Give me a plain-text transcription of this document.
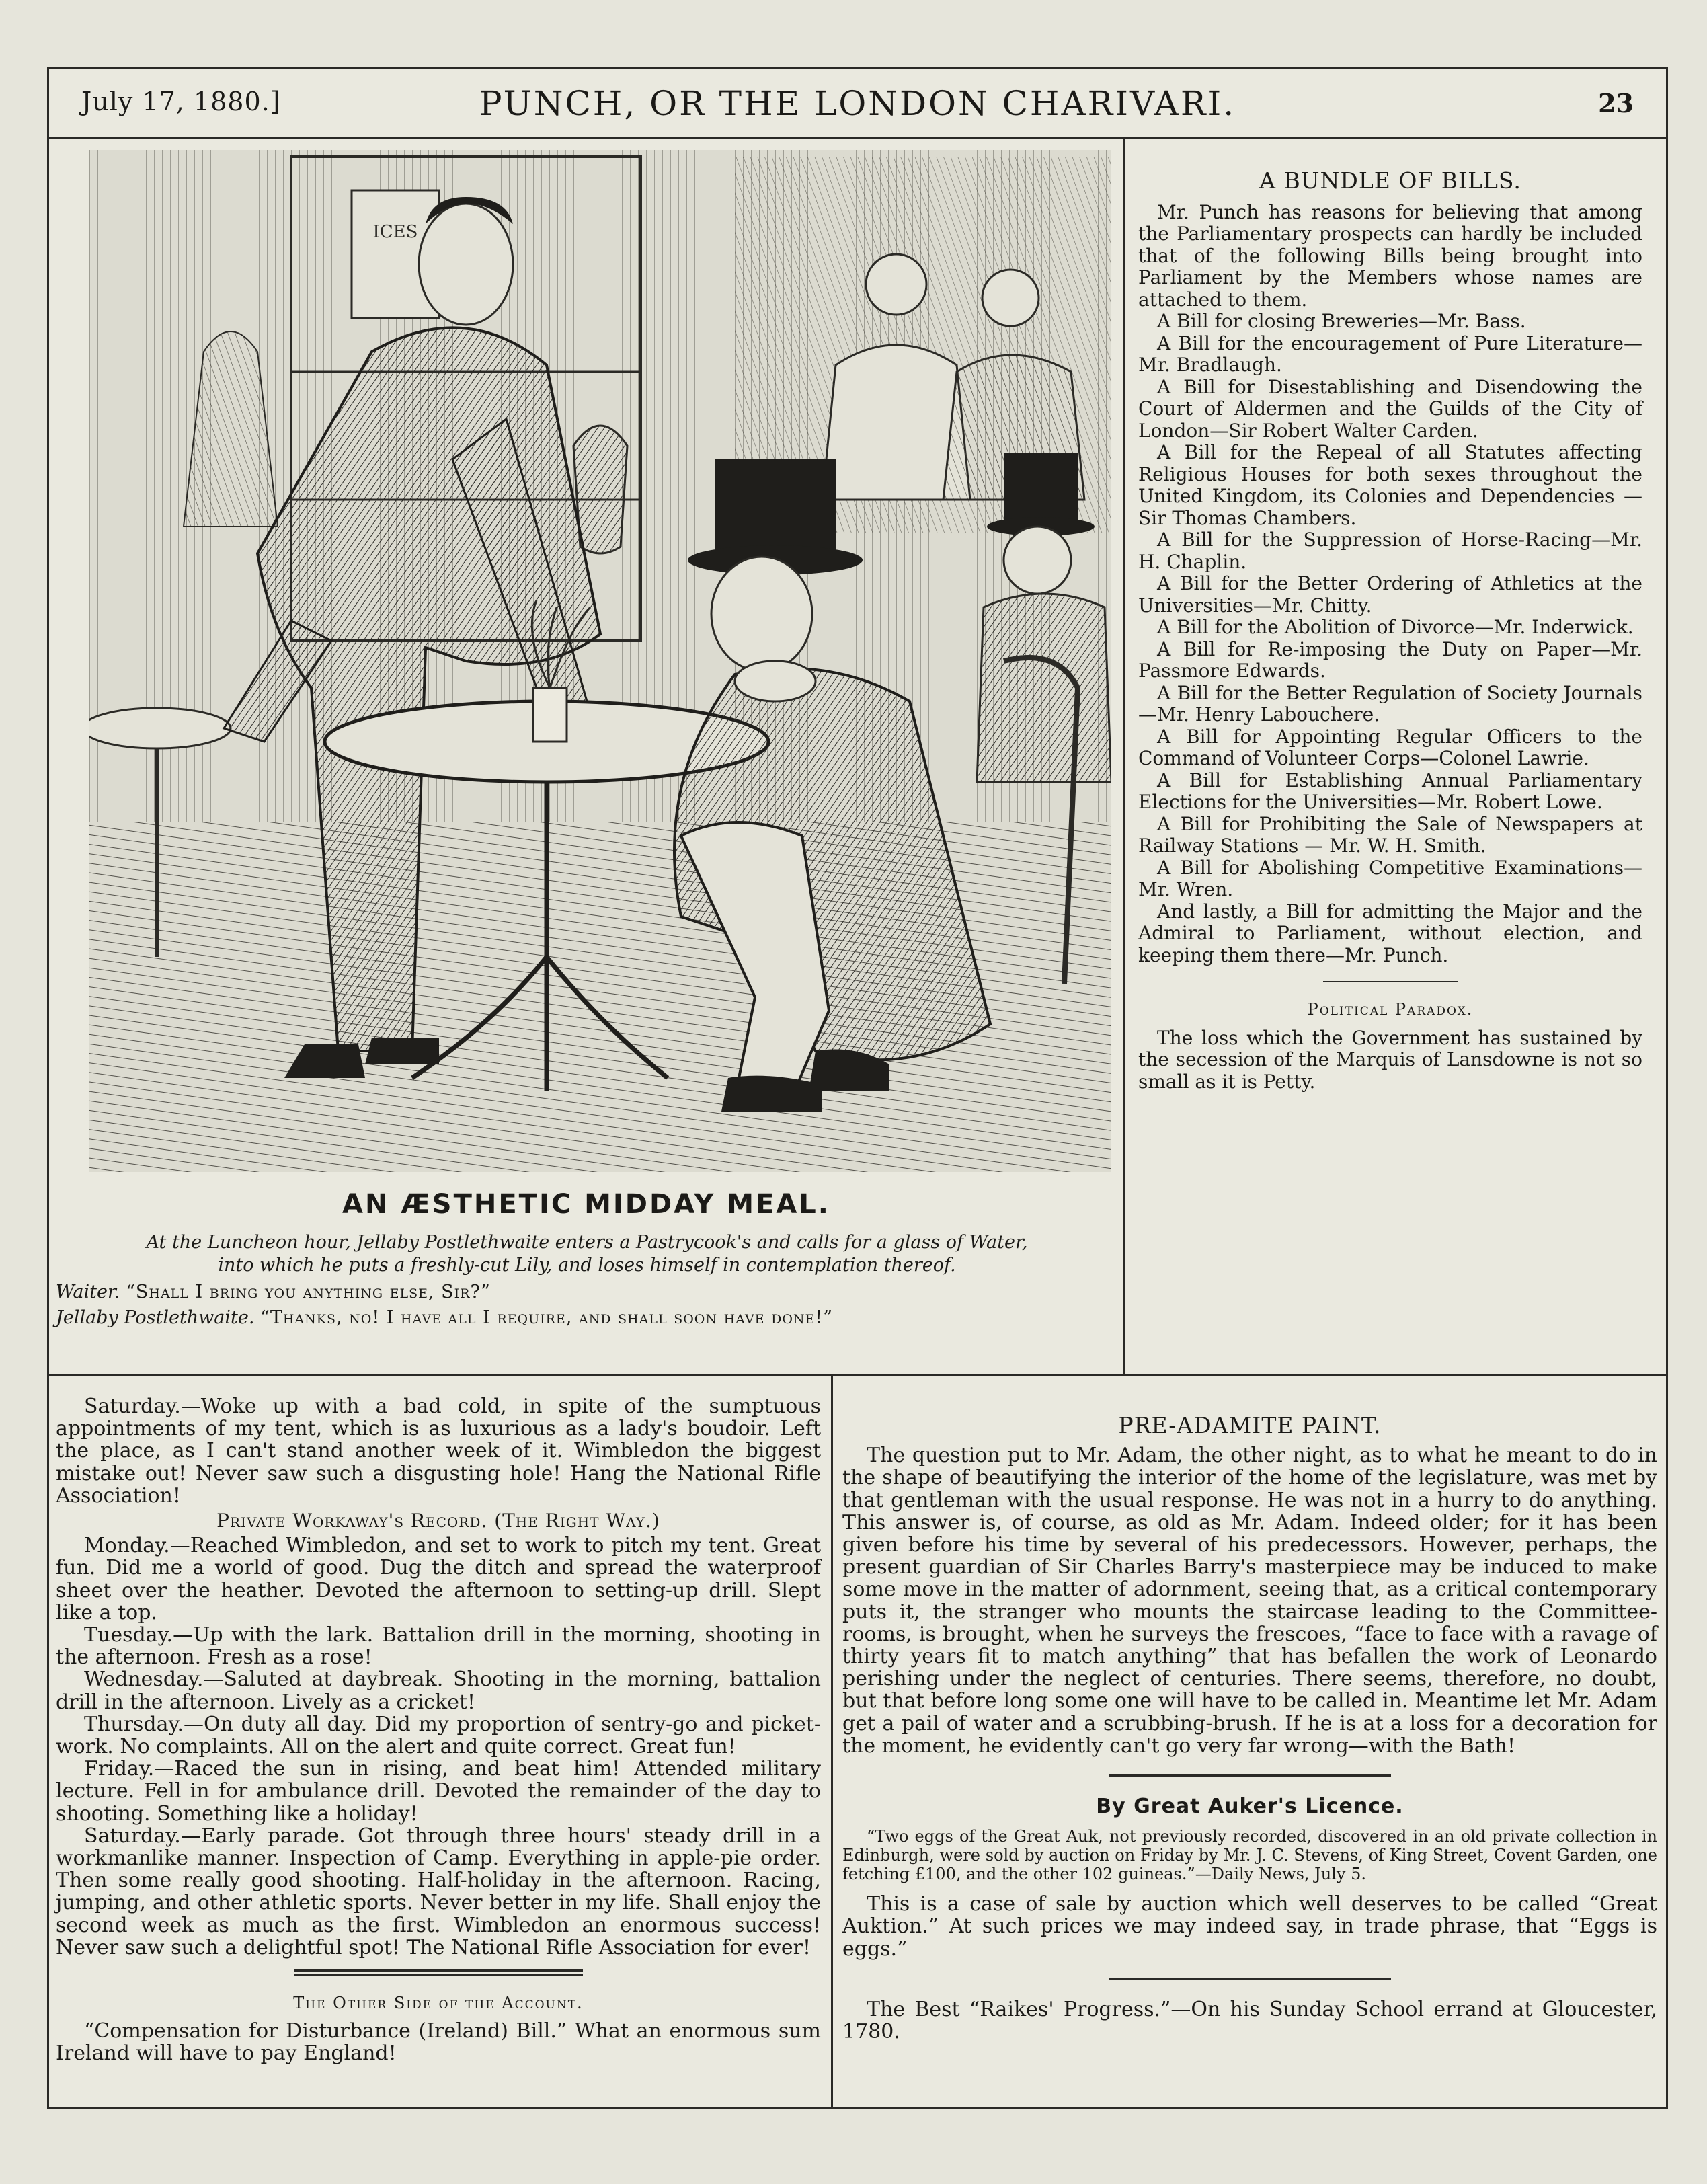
July 17, 1880.]	PUNCH, OR THE LONDON CHARIVARI.	23
ICES
AN ÆSTHETIC MIDDAY MEAL.
At the Luncheon hour, Jellaby Postlethwaite enters a Pastrycook's and calls for a glass of Water,
into which he puts a freshly-cut Lily, and loses himself in contemplation thereof.

Waiter. “Shall I bring you anything else, Sir?”

Jellaby Postlethwaite. “Thanks, no! I have all I require, and shall soon have done!”

A BUNDLE OF BILLS.

Mr. Punch has reasons for believing that among the Parliamentary prospects can hardly be included that of the following Bills being brought into Parliament by the Members whose names are attached to them.

A Bill for closing Breweries—Mr. Bass.

A Bill for the encouragement of Pure Literature—Mr. Bradlaugh.

A Bill for Disestablishing and Disendowing the Court of Aldermen and the Guilds of the City of London—Sir Robert Walter Carden.

A Bill for the Repeal of all Statutes affecting Religious Houses for both sexes throughout the United Kingdom, its Colonies and Dependencies — Sir Thomas Chambers.

A Bill for the Suppression of Horse-Racing—Mr. H. Chaplin.

A Bill for the Better Ordering of Athletics at the Universities—Mr. Chitty.

A Bill for the Abolition of Divorce—Mr. Inderwick.

A Bill for Re-imposing the Duty on Paper—Mr. Passmore Edwards.

A Bill for the Better Regulation of Society Journals—Mr. Henry Labouchere.

A Bill for Appointing Regular Officers to the Command of Volunteer Corps—Colonel Lawrie.

A Bill for Establishing Annual Parliamentary Elections for the Universities—Mr. Robert Lowe.

A Bill for Prohibiting the Sale of Newspapers at Railway Stations — Mr. W. H. Smith.

A Bill for Abolishing Competitive Examinations—Mr. Wren.

And lastly, a Bill for admitting the Major and the Admiral to Parliament, without election, and keeping them there—Mr. Punch.

Political Paradox.

The loss which the Government has sustained by the secession of the Marquis of Lansdowne is not so small as it is Petty.

Saturday.—Woke up with a bad cold, in spite of the sumptuous appointments of my tent, which is as luxurious as a lady's boudoir. Left the place, as I can't stand another week of it. Wimbledon the biggest mistake out! Never saw such a disgusting hole! Hang the National Rifle Association!

Private Workaway's Record. (The Right Way.)

Monday.—Reached Wimbledon, and set to work to pitch my tent. Great fun. Did me a world of good. Dug the ditch and spread the waterproof sheet over the heather. Devoted the afternoon to setting-up drill. Slept like a top.

Tuesday.—Up with the lark. Battalion drill in the morning, shooting in the afternoon. Fresh as a rose!

Wednesday.—Saluted at daybreak. Shooting in the morning, battalion drill in the afternoon. Lively as a cricket!

Thursday.—On duty all day. Did my proportion of sentry-go and picket-work. No complaints. All on the alert and quite correct. Great fun!

Friday.—Raced the sun in rising, and beat him! Attended military lecture. Fell in for ambulance drill. Devoted the remainder of the day to shooting. Something like a holiday!

Saturday.—Early parade. Got through three hours' steady drill in a workmanlike manner. Inspection of Camp. Everything in apple-pie order. Then some really good shooting. Half-holiday in the afternoon. Racing, jumping, and other athletic sports. Never better in my life. Shall enjoy the second week as much as the first. Wimbledon an enormous success! Never saw such a delightful spot! The National Rifle Association for ever!

The Other Side of the Account.

“Compensation for Disturbance (Ireland) Bill.” What an enormous sum Ireland will have to pay England!

PRE-ADAMITE PAINT.

The question put to Mr. Adam, the other night, as to what he meant to do in the shape of beautifying the interior of the home of the legislature, was met by that gentleman with the usual response. He was not in a hurry to do anything. This answer is, of course, as old as Mr. Adam. Indeed older; for it has been given before his time by several of his predecessors. However, perhaps, the present guardian of Sir Charles Barry's masterpiece may be induced to make some move in the matter of adornment, seeing that, as a critical contemporary puts it, the stranger who mounts the staircase leading to the Committee-rooms, is brought, when he surveys the frescoes, “face to face with a ravage of thirty years fit to match anything” that has befallen the work of Leonardo perishing under the neglect of centuries. There seems, therefore, no doubt, but that before long some one will have to be called in. Meantime let Mr. Adam get a pail of water and a scrubbing-brush. If he is at a loss for a decoration for the moment, he evidently can't go very far wrong—with the Bath!

By Great Auker's Licence.

“Two eggs of the Great Auk, not previously recorded, discovered in an old private collection in Edinburgh, were sold by auction on Friday by Mr. J. C. Stevens, of King Street, Covent Garden, one fetching £100, and the other 102 guineas.”—Daily News, July 5.

This is a case of sale by auction which well deserves to be called “Great Auktion.” At such prices we may indeed say, in trade phrase, that “Eggs is eggs.”

The Best “Raikes' Progress.”—On his Sunday School errand at Gloucester, 1780.
